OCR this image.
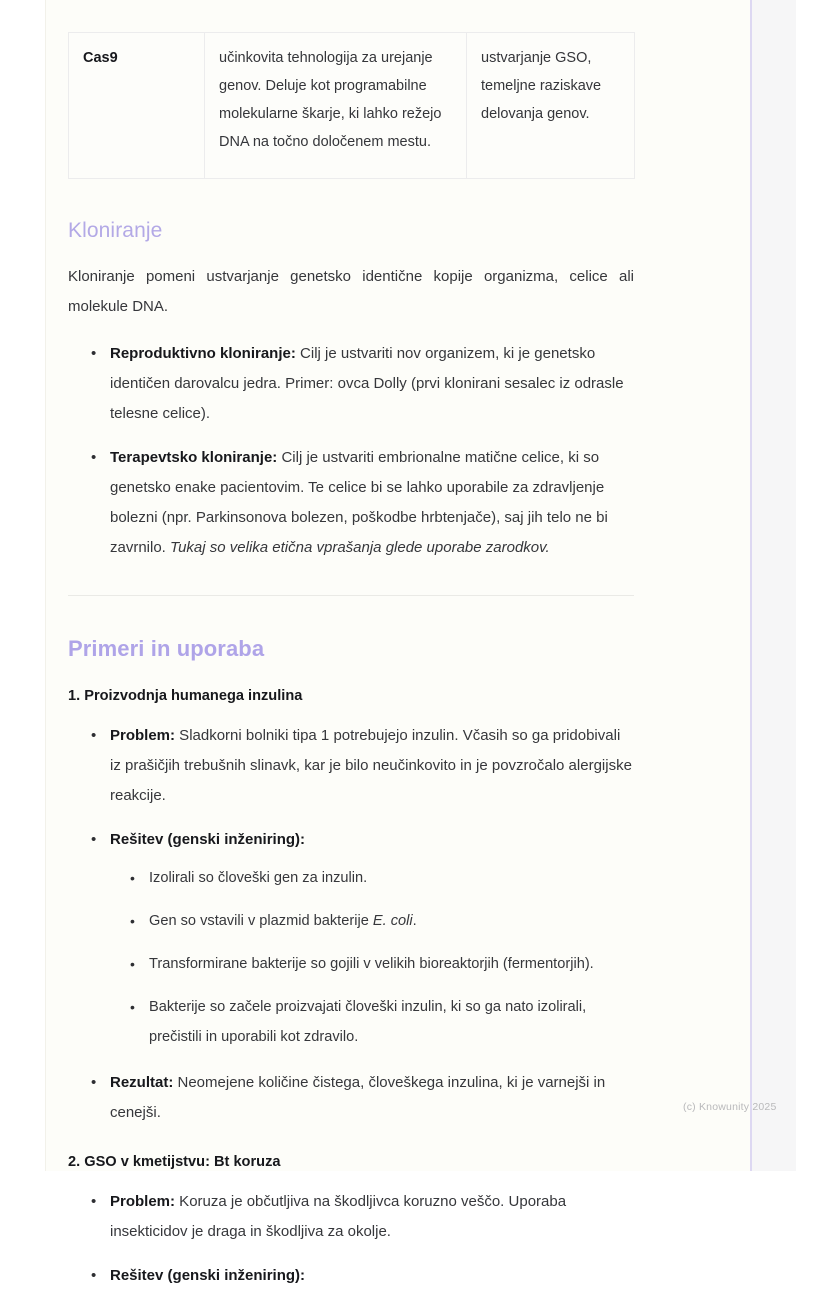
Cas9	učinkovita tehnologija za urejanje genov. Deluje kot programabilne molekularne škarje, ki lahko režejo DNA na točno določenem mestu.	ustvarjanje GSO, temeljne raziskave delovanja genov.
Kloniranje

Kloniranje pomeni ustvarjanje genetsko identične kopije organizma, celice ali molekule DNA.

• Reproduktivno kloniranje: Cilj je ustvariti nov organizem, ki je genetsko identičen darovalcu jedra. Primer: ovca Dolly (prvi klonirani sesalec iz odrasle telesne celice).
• Terapevtsko kloniranje: Cilj je ustvariti embrionalne matične celice, ki so genetsko enake pacientovim. Te celice bi se lahko uporabile za zdravljenje bolezni (npr. Parkinsonova bolezen, poškodbe hrbtenjače), saj jih telo ne bi zavrnilo. Tukaj so velika etična vprašanja glede uporabe zarodkov.
Primeri in uporaba
1. Proizvodnja humanega inzulina
• Problem: Sladkorni bolniki tipa 1 potrebujejo inzulin. Včasih so ga pridobivali iz prašičjih trebušnih slinavk, kar je bilo neučinkovito in je povzročalo alergijske reakcije.
• Rešitev (genski inženiring):
• Izolirali so človeški gen za inzulin.
• Gen so vstavili v plazmid bakterije E. coli.
• Transformirane bakterije so gojili v velikih bioreaktorjih (fermentorjih).
• Bakterije so začele proizvajati človeški inzulin, ki so ga nato izolirali, prečistili in uporabili kot zdravilo.
• Rezultat: Neomejene količine čistega, človeškega inzulina, ki je varnejši in cenejši.
2. GSO v kmetijstvu: Bt koruza
• Problem: Koruza je občutljiva na škodljivca koruzno veščo. Uporaba insekticidov je draga in škodljiva za okolje.
• Rešitev (genski inženiring):
(c) Knowunity 2025
